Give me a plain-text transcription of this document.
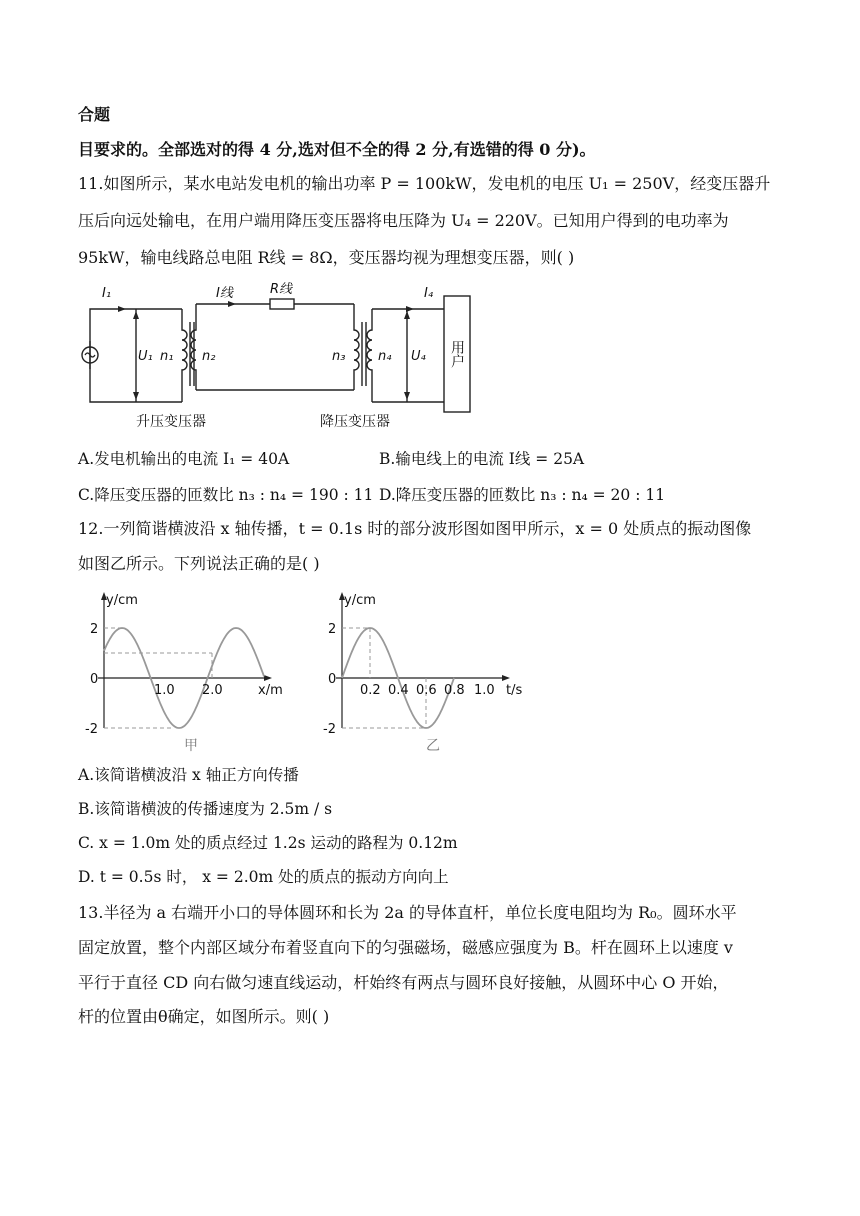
合题
目要求的。全部选对的得 4 分,选对但不全的得 2 分,有选错的得 0 分)。
11.如图所示，某水电站发电机的输出功率 P = 100kW，发电机的电压 U₁ = 250V，经变压器升
压后向远处输电，在用户端用降压变压器将电压降为 U₄ = 220V。已知用户得到的电功率为
95kW，输电线路总电阻 R线 = 8Ω，变压器均视为理想变压器，则( )
I₁	I线	R线	I₄
U₁ n₁ n₂	n₃	n₄ U₄ 用户
升压变压器	降压变压器
A.发电机输出的电流 I₁ = 40A	B.输电线上的电流 I线 = 25A
C.降压变压器的匝数比 n₃ : n₄ = 190 : 11 D.降压变压器的匝数比 n₃ : n₄ = 20 : 11
12.一列简谐横波沿 x 轴传播，t = 0.1s 时的部分波形图如图甲所示，x = 0 处质点的振动图像
如图乙所示。下列说法正确的是( )
y/cm
x/m
2
0
-2
1.0 2.0
甲
y/cm
t/s
2
0
-2
0.2 0.4 0.6 0.8 1.0
乙
A.该简谐横波沿 x 轴正方向传播
B.该简谐横波的传播速度为 2.5m / s
C. x = 1.0m 处的质点经过 1.2s 运动的路程为 0.12m
D. t = 0.5s 时， x = 2.0m 处的质点的振动方向向上
13.半径为 a 右端开小口的导体圆环和长为 2a 的导体直杆，单位长度电阻均为 R₀。圆环水平
固定放置，整个内部区域分布着竖直向下的匀强磁场，磁感应强度为 B。杆在圆环上以速度 v
平行于直径 CD 向右做匀速直线运动，杆始终有两点与圆环良好接触，从圆环中心 O 开始，
杆的位置由θ确定，如图所示。则( )
